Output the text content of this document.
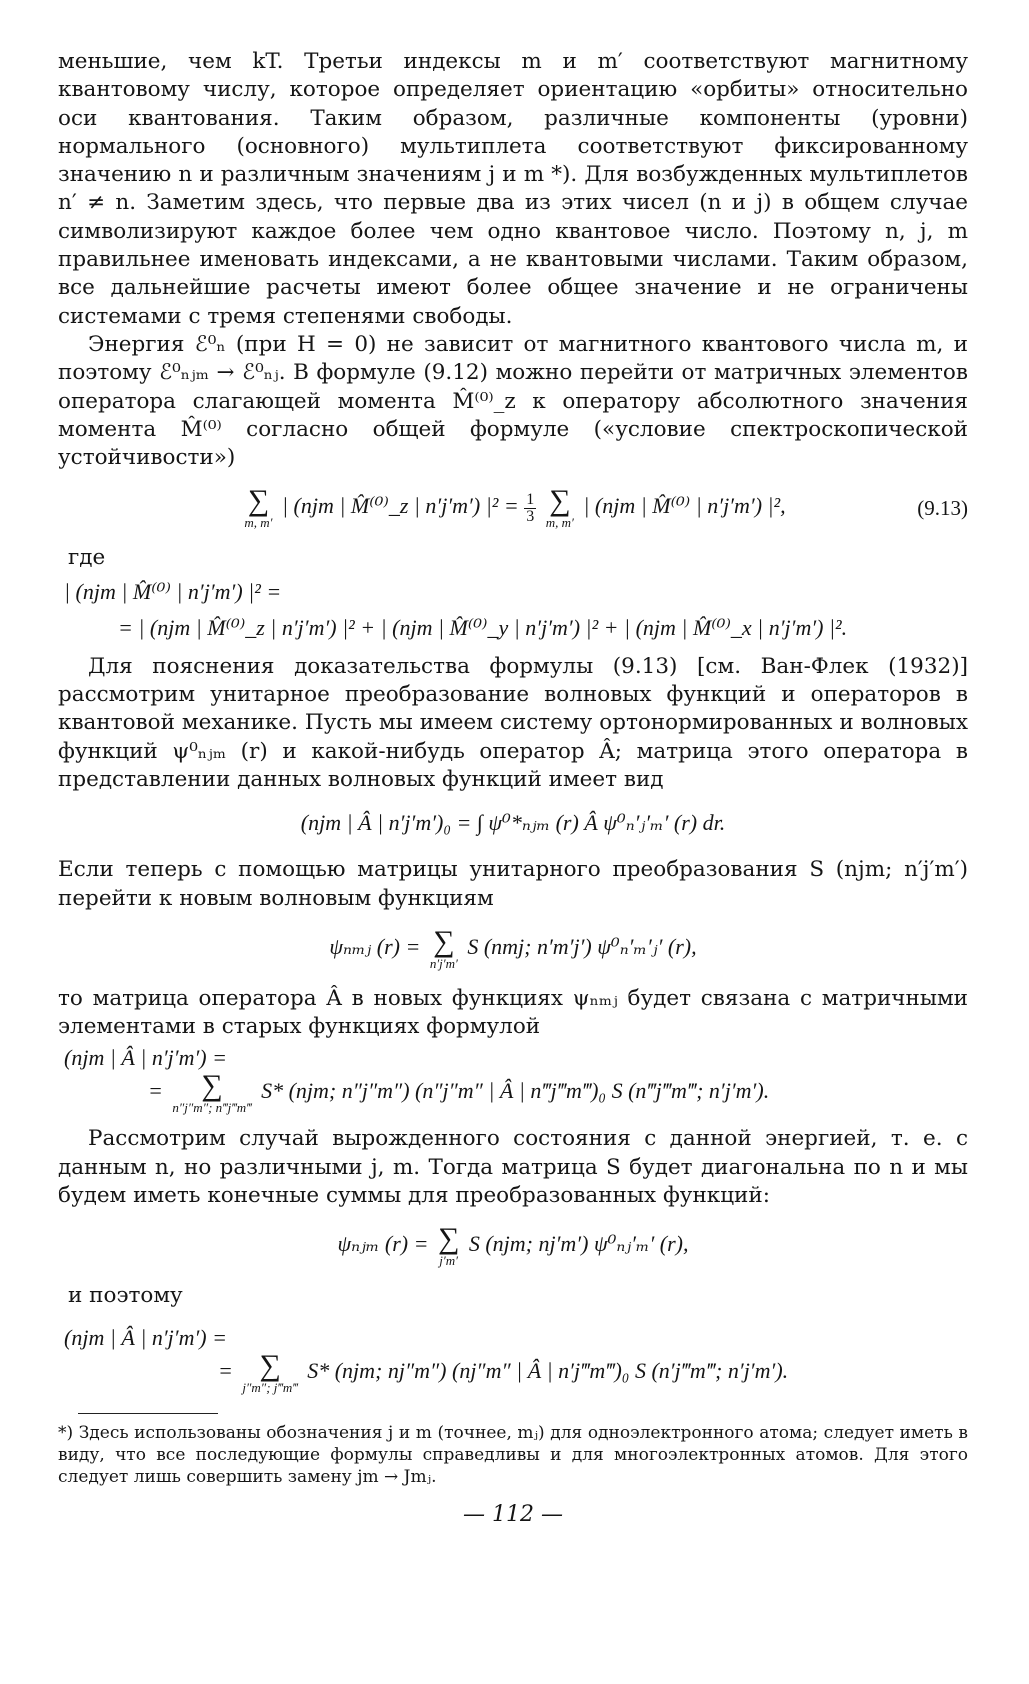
меньшие, чем kT. Третьи индексы m и m′ соответствуют магнитному квантовому числу, которое определяет ориентацию «орбиты» относительно оси квантования. Таким образом, различные компоненты (уровни) нормального (основного) мультиплета соответствуют фиксированному значению n и различным значениям j и m *). Для возбужденных мультиплетов n′ ≠ n. Заметим здесь, что первые два из этих чисел (n и j) в общем случае символизируют каждое более чем одно квантовое число. Поэтому n, j, m правильнее именовать индексами, а не квантовыми числами. Таким образом, все дальнейшие расчеты имеют более общее значение и не ограничены системами с тремя степенями свободы.

Энергия ℰ⁰ₙ (при H = 0) не зависит от магнитного квантового числа m, и поэтому ℰ⁰ₙⱼₘ → ℰ⁰ₙⱼ. В формуле (9.12) можно перейти от матричных элементов оператора слагающей момента M̂⁽⁰⁾_z к оператору абсолютного значения момента M̂⁽⁰⁾ согласно общей формуле («условие спектроскопической устойчивости»)

∑
m, m′
| (njm | M̂⁽⁰⁾_z | n′j′m′) $|^2 = \frac{1}{3}$
∑
m, m′
| (njm | M̂⁽⁰⁾ | n′j′m′) |²,	(9.13)

где

| (njm | M̂⁽⁰⁾ | n′j′m′) |² =
= | (njm | M̂⁽⁰⁾_z | n′j′m′) |² + | (njm | M̂⁽⁰⁾_y | n′j′m′) |² + | (njm | M̂⁽⁰⁾_x | n′j′m′) |².

Для пояснения доказательства формулы (9.13) [см. Ван-Флек (1932)] рассмотрим унитарное преобразование волновых функций и операторов в квантовой механике. Пусть мы имеем систему ортонормированных и волновых функций ψ⁰ₙⱼₘ (r) и какой-нибудь оператор Â; матрица этого оператора в представлении данных волновых функций имеет вид

(njm | Â | n′j′m′)₀ = ∫ ψ⁰*ₙⱼₘ (r) Â ψ⁰ₙ′ⱼ′ₘ′ (r) dr.

Если теперь с помощью матрицы унитарного преобразования S (njm; n′j′m′) перейти к новым волновым функциям

ψₙₘⱼ (r) = ∑
n′j′m′
S (nmj; n′m′j′) ψ⁰ₙ′ₘ′ⱼ′ (r),

то матрица оператора Â в новых функциях ψₙₘⱼ будет связана с матричными элементами в старых функциях формулой

(njm | Â | n′j′m′) =
=	∑
n″j″m″; n‴j‴m‴
S* (njm; n″j″m″) (n″j″m″ | Â | n‴j‴m‴)₀ S (n‴j‴m‴; n′j′m′).

Рассмотрим случай вырожденного состояния с данной энергией, т. е. с данным n, но различными j, m. Тогда матрица S будет диагональна по n и мы будем иметь конечные суммы для преобразованных функций:

ψₙⱼₘ (r) = ∑
j′m′
S (njm; nj′m′) ψ⁰ₙⱼ′ₘ′ (r),

и поэтому

(njm | Â | n′j′m′) =
= ∑
j″m″; j‴m‴
S* (njm; nj″m″) (nj″m″ | Â | n′j‴m‴)₀ S (n′j‴m‴; n′j′m′).

*) Здесь использованы обозначения j и m (точнее, mⱼ) для одноэлектронного атома; следует иметь в виду, что все последующие формулы справедливы и для многоэлектронных атомов. Для этого следует лишь совершить замену jm → Jmⱼ.

— 112 —
